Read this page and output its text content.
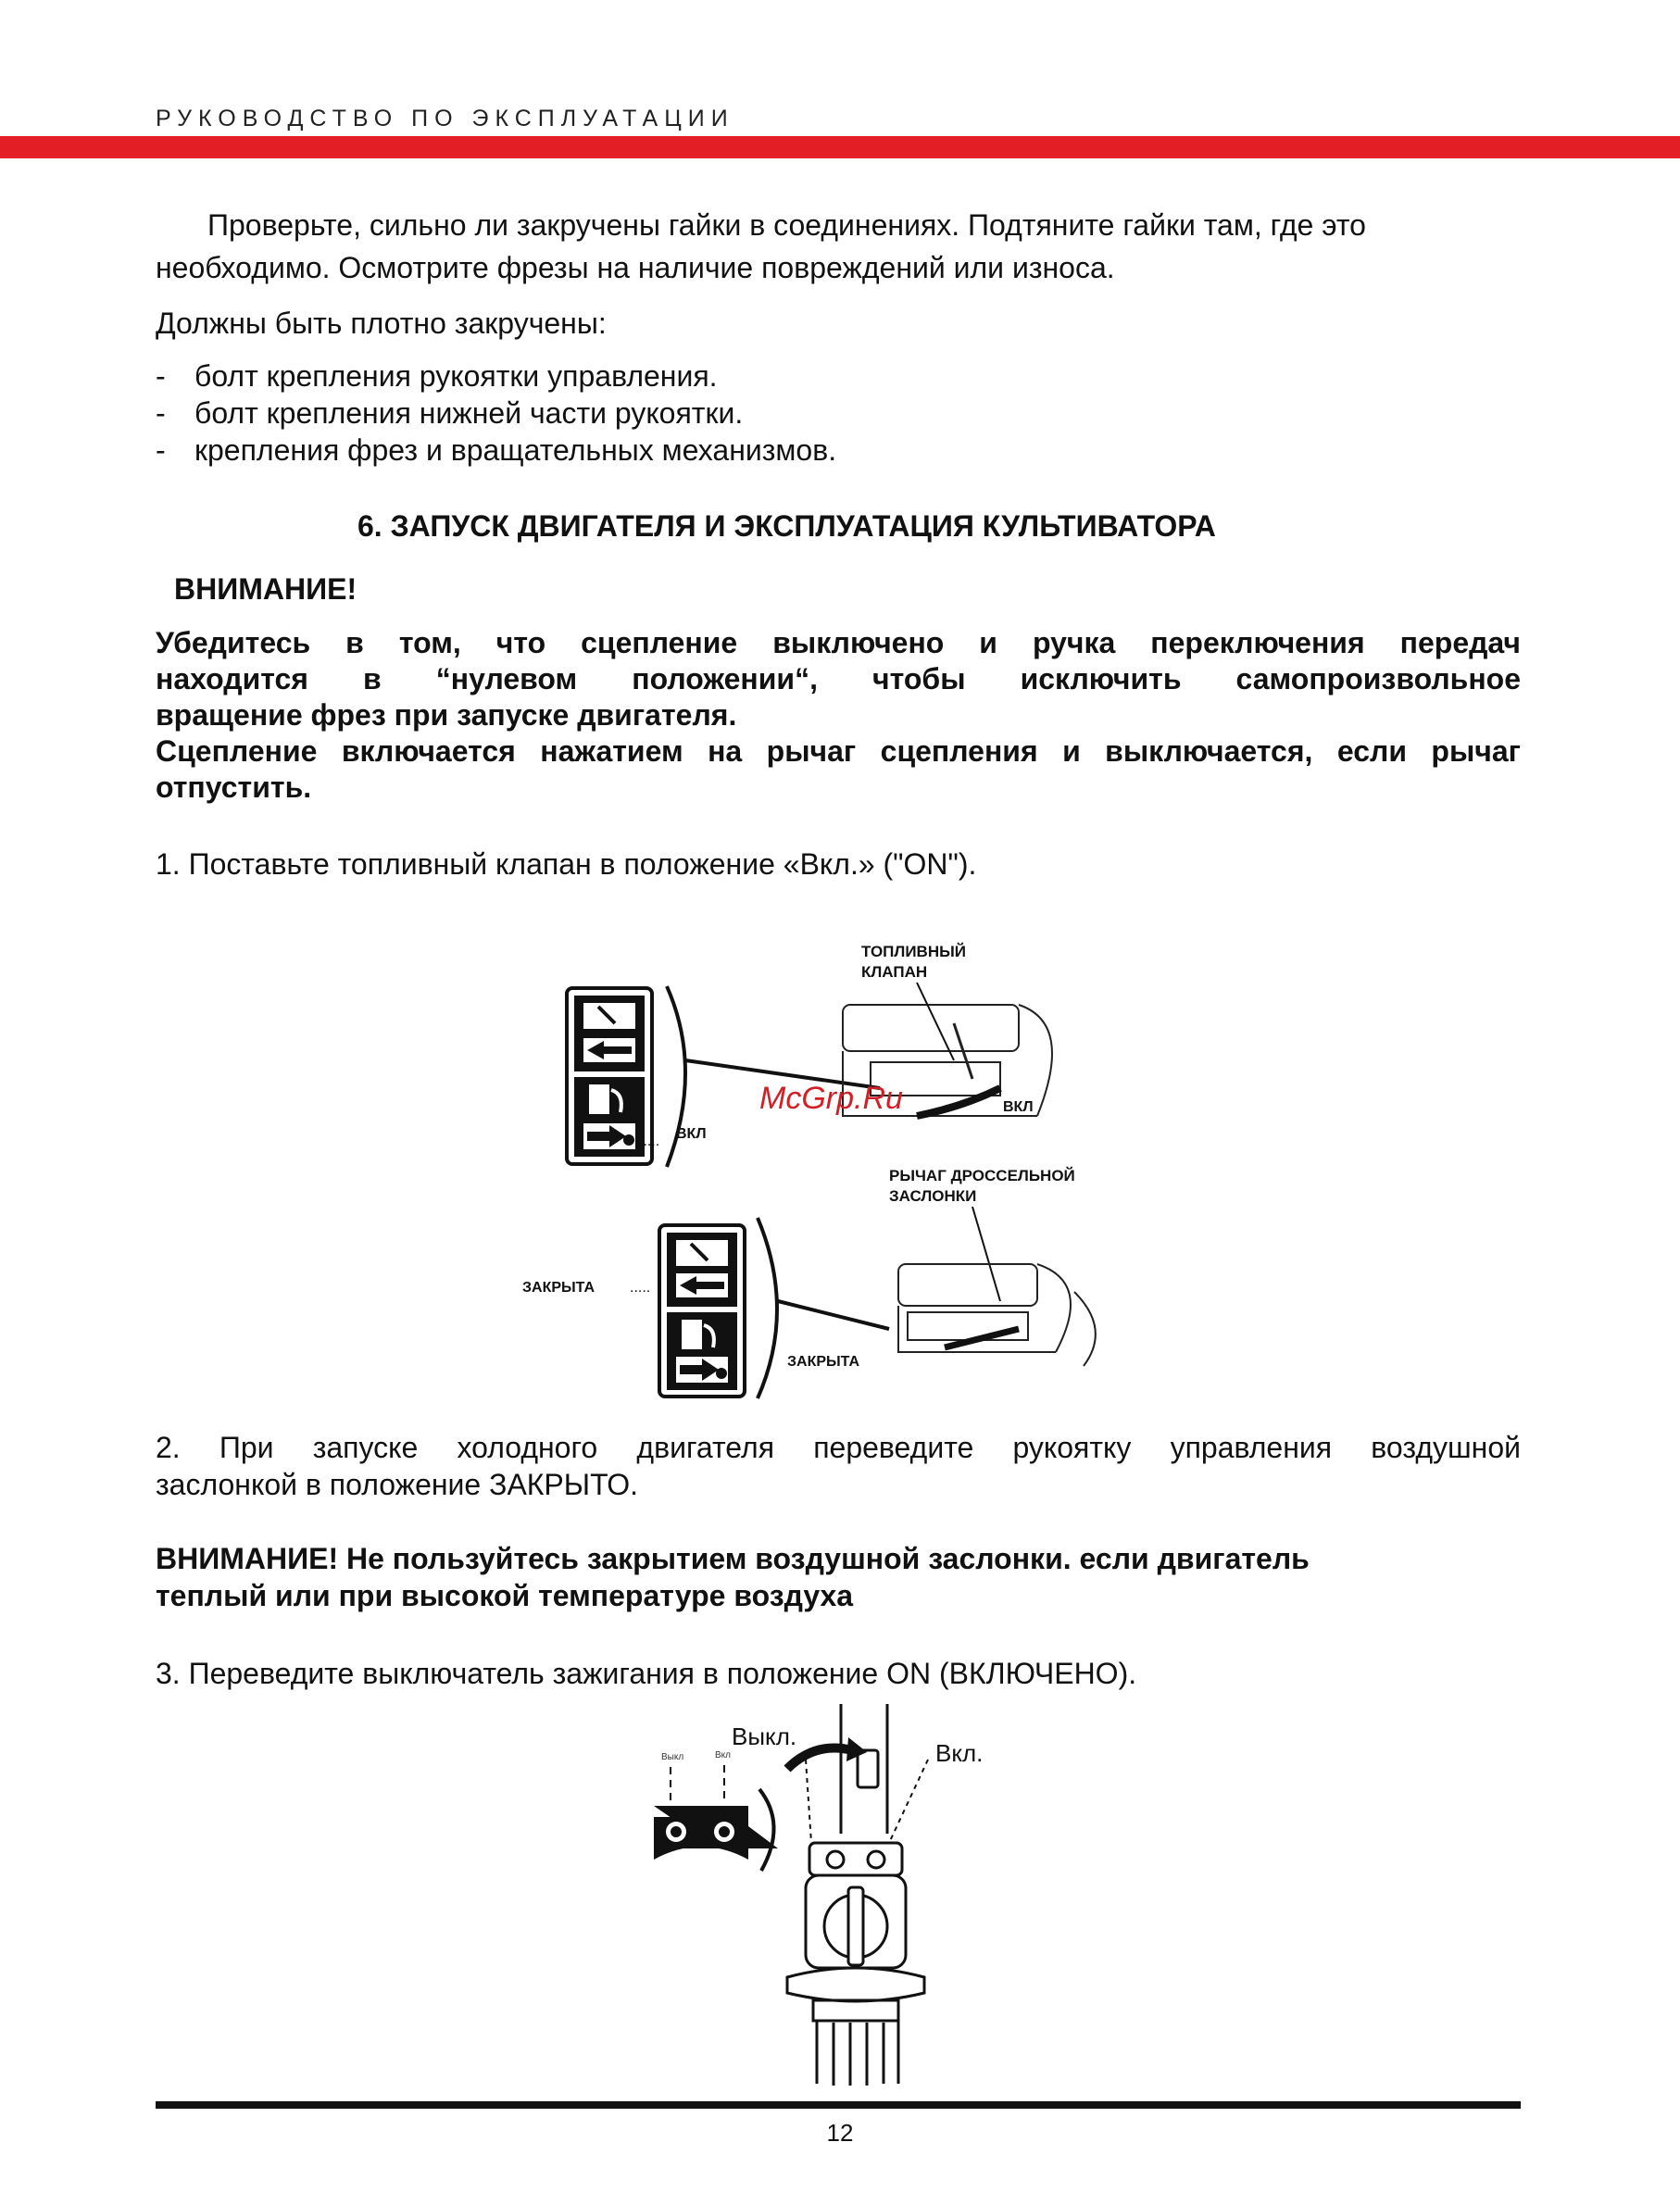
РУКОВОДСТВО ПО ЭКСПЛУАТАЦИИ
Проверьте, сильно ли закручены гайки в соединениях. Подтяните гайки там, где это
необходимо. Осмотрите фрезы на наличие повреждений или износа.
Должны быть плотно закручены:
- болт крепления рукоятки управления.
- болт крепления нижней части рукоятки.
- крепления фрез и вращательных механизмов.
6. ЗАПУСК ДВИГАТЕЛЯ И ЭКСПЛУАТАЦИЯ КУЛЬТИВАТОРА
ВНИМАНИЕ!
Убедитесь в том, что сцепление выключено и ручка переключения передач
находится в “нулевом положении“, чтобы исключить самопроизвольное
вращение фрез при запуске двигателя.
Сцепление включается нажатием на рычаг сцепления и выключается, если рычаг
отпустить.
1. Поставьте топливный клапан в положение «Вкл.» ("ON").
ВКЛ
.....
ТОПЛИВНЫЙ
КЛАПАН
ВКЛ
McGrp.Ru
РЫЧАГ ДРОССЕЛЬНОЙ
ЗАСЛОНКИ
ЗАКРЫТА .....
ЗАКРЫТА
2. При запуске холодного двигателя переведите рукоятку управления воздушной
заслонкой в положение ЗАКРЫТО.
ВНИМАНИЕ! Не пользуйтесь закрытием воздушной заслонки. если двигатель
теплый или при высокой температуре воздуха
3. Переведите выключатель зажигания в положение ON (ВКЛЮЧЕНО).
Выкл.
Вкл.
Выкл	Вкл
12
